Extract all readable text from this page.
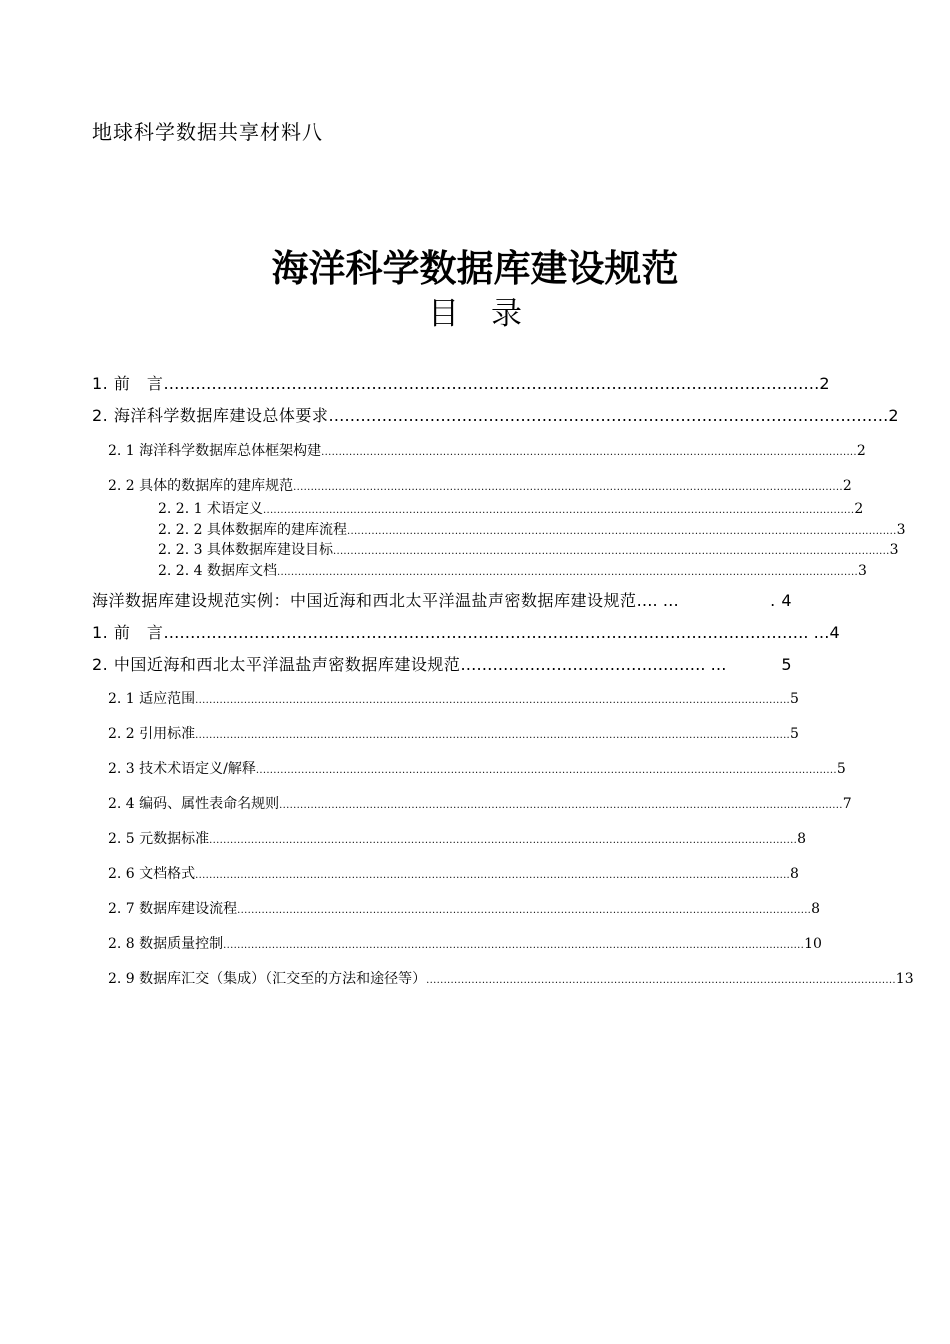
地球科学数据共享材料八
海洋科学数据库建设规范
目录
1. 前　言 …………………………………………………………………………………………………………… 2
2. 海洋科学数据库建设总体要求 …………………………………………………………………………………………… 2
2. 1 海洋科学数据库总体框架构建 .......................................................................................................................................................... 2
2. 2 具体的数据库的建库规范 .............................................................................................................................................................. 2
2. 2. 1 术语定义 .......................................................................................................................................................................... 2
2. 2. 2 具体数据库的建库流程 .............................................................................................................................................................. 3
2. 2. 3 具体数据库建设目标 ................................................................................................................................................................ 3
2. 2. 4 数据库文档 ....................................................................................................................................................................... 3
海洋数据库建设规范实例：中国近海和西北太平洋温盐声密数据库建设规范 …. …	. 4
1. 前　言 …………………………………………………………………………………………………………. … 4
2. 中国近海和西北太平洋温盐声密数据库建设规范 ………………………………………. …	5
2. 1 适应范围 ........................................................................................................................................................................... 5
2. 2 引用标准 ........................................................................................................................................................................... 5
2. 3 技术术语定义/解释 ....................................................................................................................................................................... 5
2. 4 编码、属性表命名规则 .................................................................................................................................................................. 7
2. 5 元数据标准 ......................................................................................................................................................................... 8
2. 6 文档格式 ........................................................................................................................................................................... 8
2. 7 数据库建设流程 ..................................................................................................................................................................... 8
2. 8 数据质量控制 ....................................................................................................................................................................... 10
2. 9 数据库汇交（集成）（汇交至的方法和途径等） ....................................................................................................................................... 13
